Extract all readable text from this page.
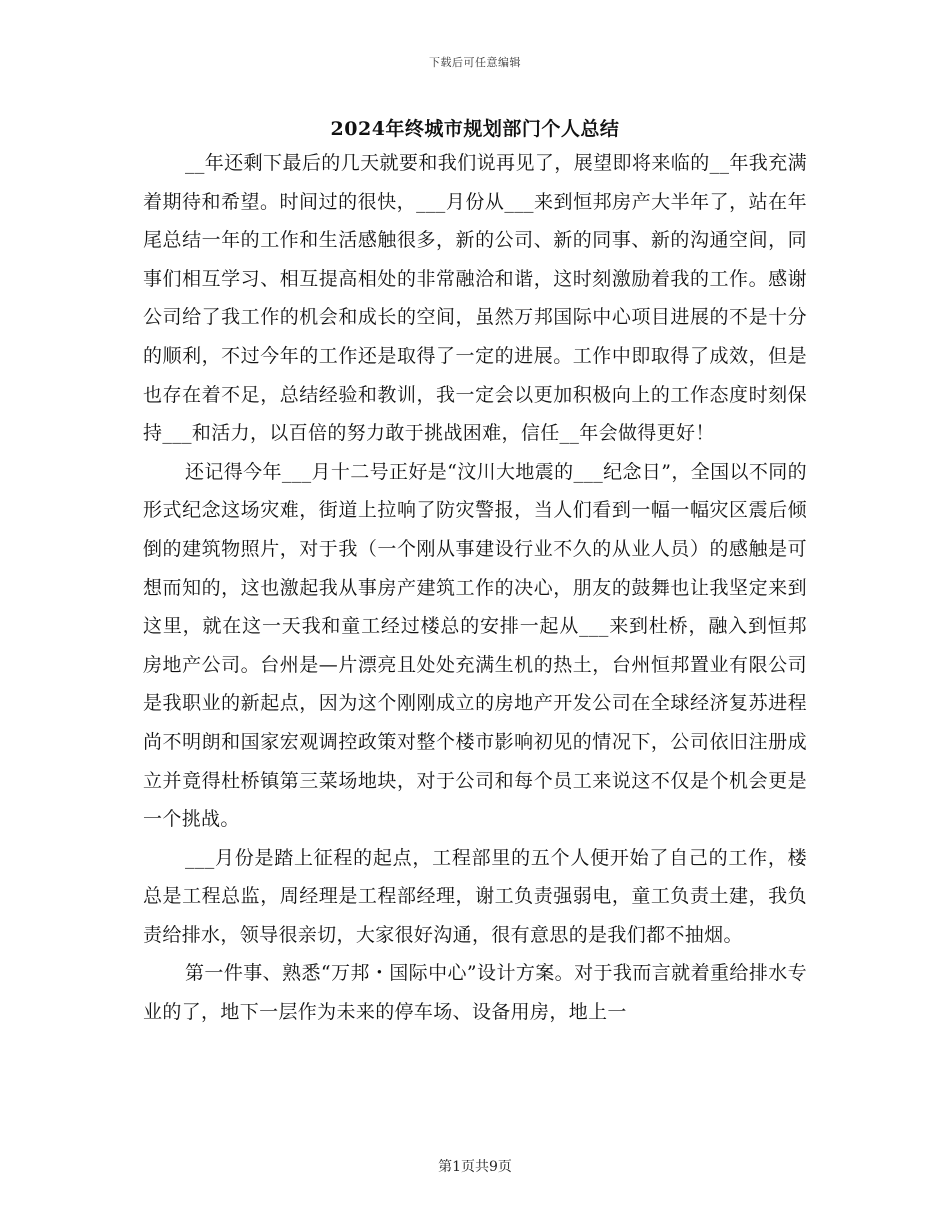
下载后可任意编辑
2024年终城市规划部门个人总结

__年还剩下最后的几天就要和我们说再见了，展望即将来临的__年我充满着期待和希望。时间过的很快，___月份从___来到恒邦房产大半年了，站在年尾总结一年的工作和生活感触很多，新的公司、新的同事、新的沟通空间，同事们相互学习、相互提高相处的非常融洽和谐，这时刻激励着我的工作。感谢公司给了我工作的机会和成长的空间，虽然万邦国际中心项目进展的不是十分的顺利，不过今年的工作还是取得了一定的进展。工作中即取得了成效，但是也存在着不足，总结经验和教训，我一定会以更加积极向上的工作态度时刻保持___和活力，以百倍的努力敢于挑战困难，信任__年会做得更好！

还记得今年___月十二号正好是“汶川大地震的___纪念日”，全国以不同的形式纪念这场灾难，街道上拉响了防灾警报，当人们看到一幅一幅灾区震后倾倒的建筑物照片，对于我（一个刚从事建设行业不久的从业人员）的感触是可想而知的，这也激起我从事房产建筑工作的决心，朋友的鼓舞也让我坚定来到这里，就在这一天我和童工经过楼总的安排一起从___来到杜桥，融入到恒邦房地产公司。台州是—片漂亮且处处充满生机的热土，台州恒邦置业有限公司是我职业的新起点，因为这个刚刚成立的房地产开发公司在全球经济复苏进程尚不明朗和国家宏观调控政策对整个楼市影响初见的情况下，公司依旧注册成立并竟得杜桥镇第三菜场地块，对于公司和每个员工来说这不仅是个机会更是一个挑战。

___月份是踏上征程的起点，工程部里的五个人便开始了自己的工作，楼总是工程总监，周经理是工程部经理，谢工负责强弱电，童工负责土建，我负责给排水，领导很亲切，大家很好沟通，很有意思的是我们都不抽烟。

第一件事、熟悉“万邦・国际中心”设计方案。对于我而言就着重给排水专业的了，地下一层作为未来的停车场、设备用房，地上一

第1页共9页
